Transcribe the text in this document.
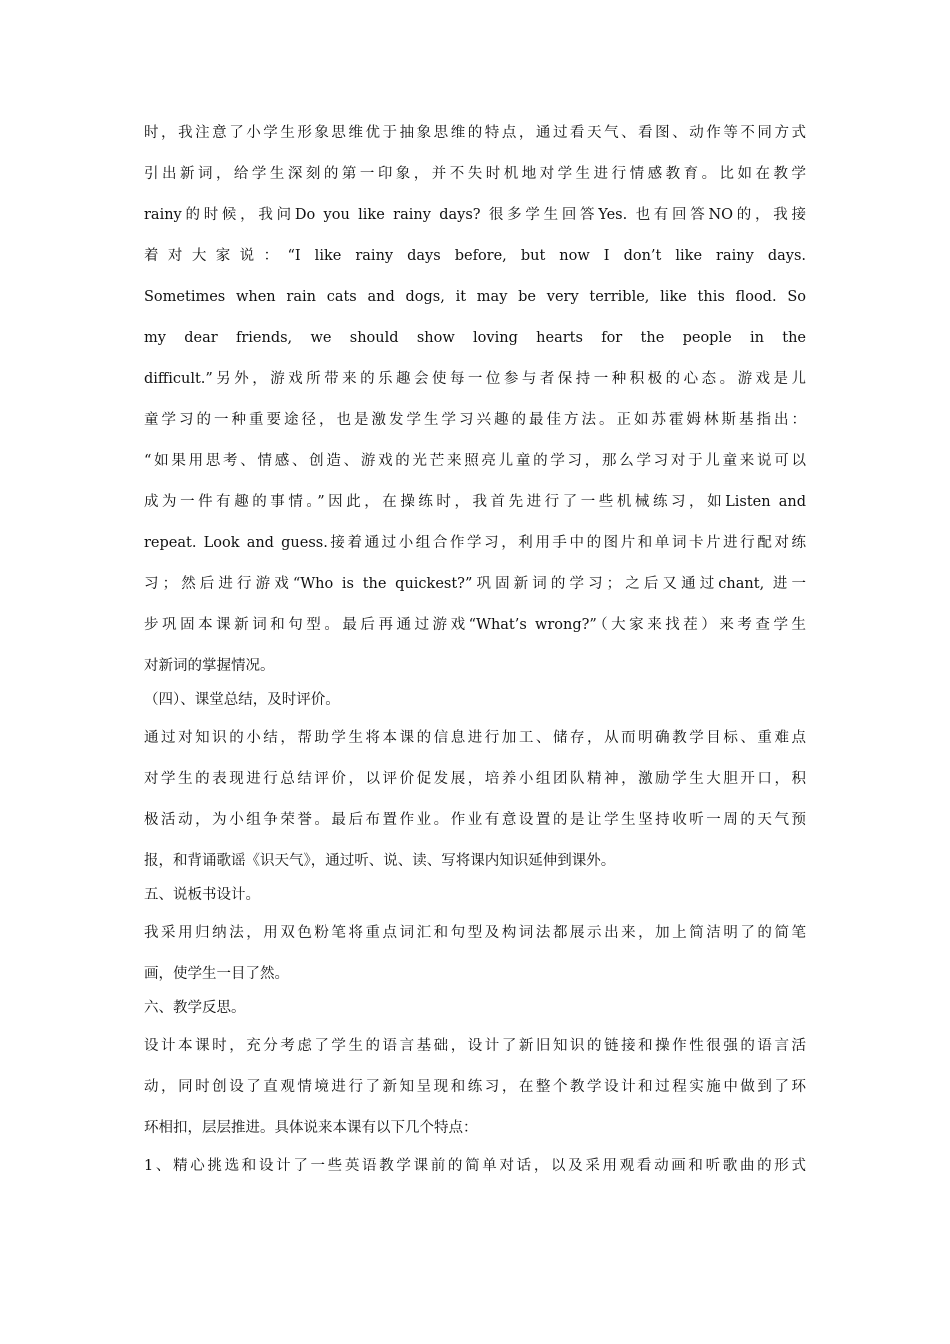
时，我注意了小学生形象思维优于抽象思维的特点，通过看天气、看图、动作等不同方式
引出新词，给学生深刻的第一印象，并不失时机地对学生进行情感教育。比如在教学
rainy的时候，我问Do you like rainy days? 很多学生回答Yes. 也有回答NO的，我接
着对大家说：“I like rainy days before, but now I don’t like rainy days.
Sometimes when rain cats and dogs, it may be very terrible, like this flood. So
my dear friends, we should show loving hearts for the people in the
difficult.”另外，游戏所带来的乐趣会使每一位参与者保持一种积极的心态。游戏是儿
童学习的一种重要途径，也是激发学生学习兴趣的最佳方法。正如苏霍姆林斯基指出：
“如果用思考、情感、创造、游戏的光芒来照亮儿童的学习，那么学习对于儿童来说可以
成为一件有趣的事情。”因此，在操练时，我首先进行了一些机械练习，如Listen and
repeat. Look and guess.接着通过小组合作学习，利用手中的图片和单词卡片进行配对练
习；然后进行游戏“Who is the quickest?”巩固新词的学习；之后又通过chant, 进一
步巩固本课新词和句型。最后再通过游戏“What’s wrong?”（大家来找茬）来考查学生
对新词的掌握情况。
（四）、课堂总结，及时评价。
通过对知识的小结，帮助学生将本课的信息进行加工、储存，从而明确教学目标、重难点
对学生的表现进行总结评价，以评价促发展，培养小组团队精神，激励学生大胆开口，积
极活动，为小组争荣誉。最后布置作业。作业有意设置的是让学生坚持收听一周的天气预
报，和背诵歌谣《识天气》，通过听、说、读、写将课内知识延伸到课外。
五、说板书设计。
我采用归纳法，用双色粉笔将重点词汇和句型及构词法都展示出来，加上简洁明了的简笔
画，使学生一目了然。
六、教学反思。
设计本课时，充分考虑了学生的语言基础，设计了新旧知识的链接和操作性很强的语言活
动，同时创设了直观情境进行了新知呈现和练习，在整个教学设计和过程实施中做到了环
环相扣，层层推进。具体说来本课有以下几个特点：
1、精心挑选和设计了一些英语教学课前的简单对话，以及采用观看动画和听歌曲的形式
